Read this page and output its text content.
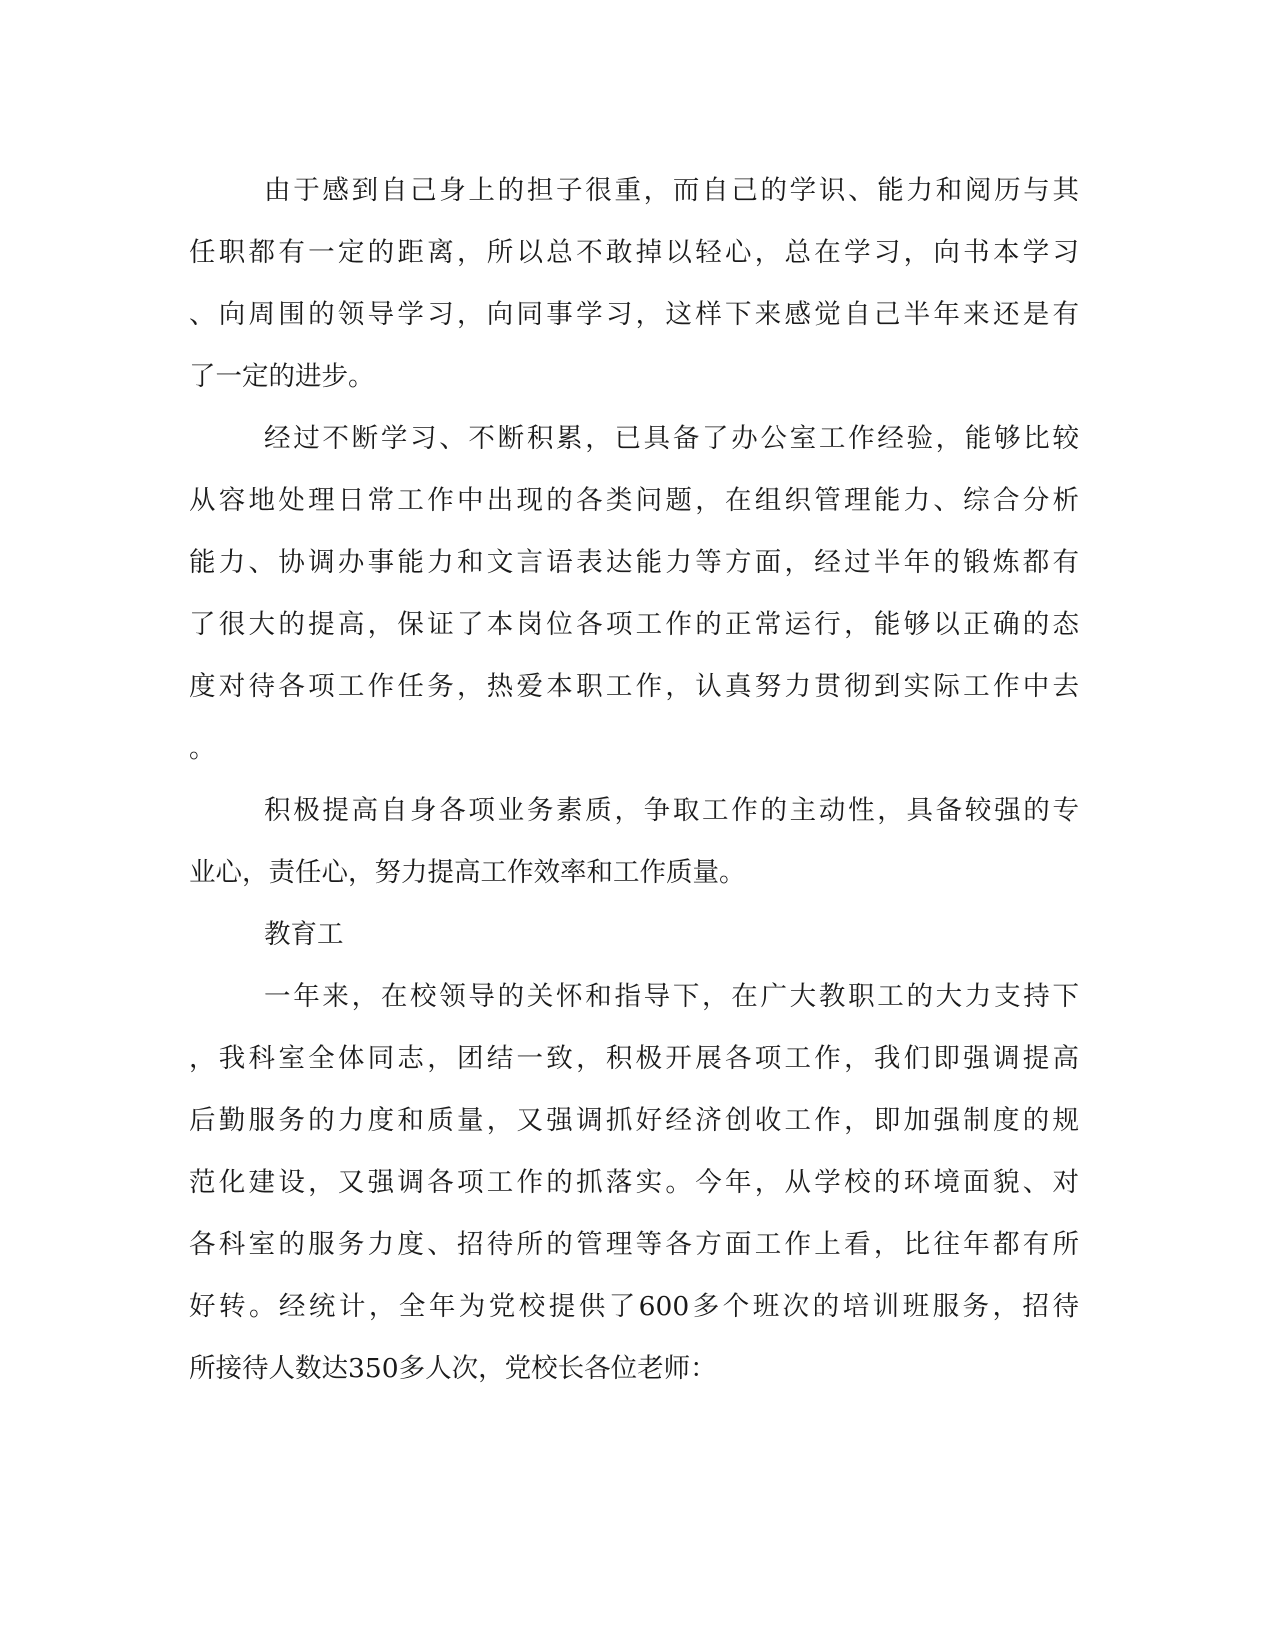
由于感到自己身上的担子很重，而自己的学识、能力和阅历与其
任职都有一定的距离，所以总不敢掉以轻心，总在学习，向书本学习
、向周围的领导学习，向同事学习，这样下来感觉自己半年来还是有
了一定的进步。
经过不断学习、不断积累，已具备了办公室工作经验，能够比较
从容地处理日常工作中出现的各类问题，在组织管理能力、综合分析
能力、协调办事能力和文言语表达能力等方面，经过半年的锻炼都有
了很大的提高，保证了本岗位各项工作的正常运行，能够以正确的态
度对待各项工作任务，热爱本职工作，认真努力贯彻到实际工作中去
。
积极提高自身各项业务素质，争取工作的主动性，具备较强的专
业心，责任心，努力提高工作效率和工作质量。
教育工
一年来，在校领导的关怀和指导下，在广大教职工的大力支持下
，我科室全体同志，团结一致，积极开展各项工作，我们即强调提高
后勤服务的力度和质量，又强调抓好经济创收工作，即加强制度的规
范化建设，又强调各项工作的抓落实。今年，从学校的环境面貌、对
各科室的服务力度、招待所的管理等各方面工作上看，比往年都有所
好转。经统计，全年为党校提供了600多个班次的培训班服务，招待
所接待人数达350多人次，党校长各位老师：
